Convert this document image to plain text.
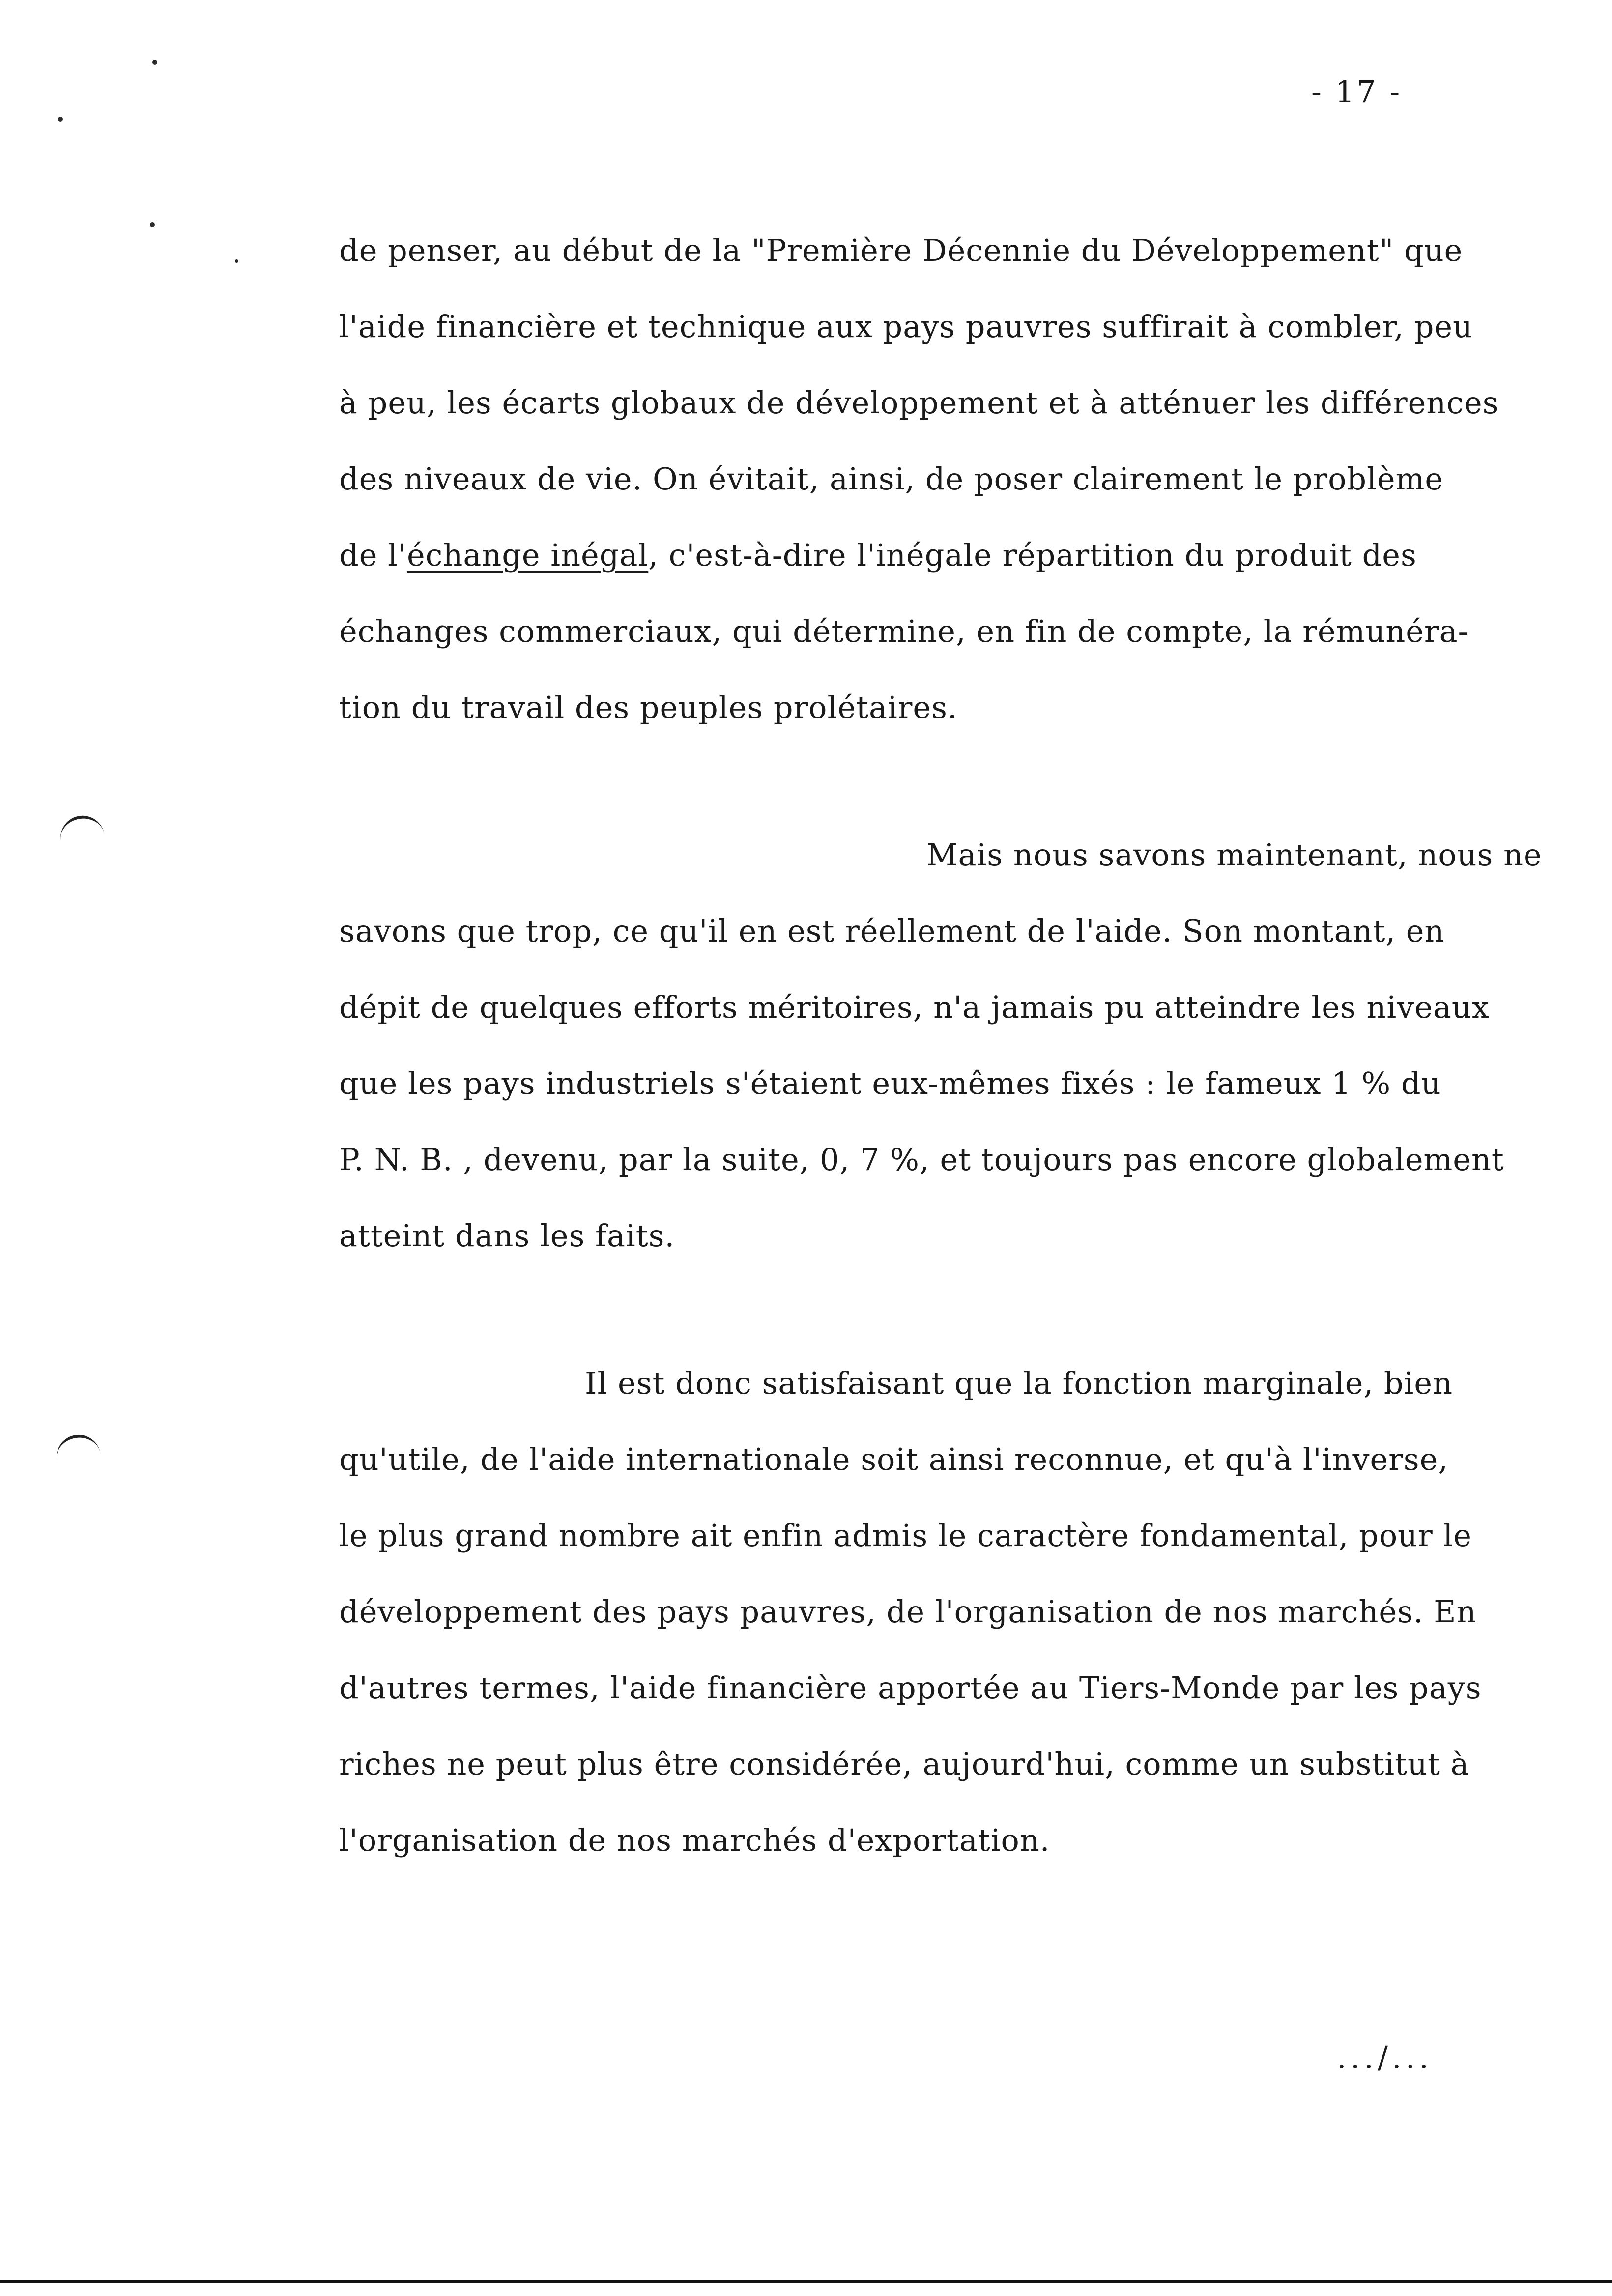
- 17 -
de penser, au début de la "Première Décennie du Développement" que
l'aide financière et technique aux pays pauvres suffirait à combler, peu
à peu, les écarts globaux de développement et à atténuer les différences
des niveaux de vie. On évitait, ainsi, de poser clairement le problème
de l'échange inégal, c'est-à-dire l'inégale répartition du produit des
échanges commerciaux, qui détermine, en fin de compte, la rémunéra-
tion du travail des peuples prolétaires.
Mais nous savons maintenant, nous ne
savons que trop, ce qu'il en est réellement de l'aide. Son montant, en
dépit de quelques efforts méritoires, n'a jamais pu atteindre les niveaux
que les pays industriels s'étaient eux-mêmes fixés : le fameux 1 % du
P. N. B. , devenu, par la suite, 0, 7 %, et toujours pas encore globalement
atteint dans les faits.
Il est donc satisfaisant que la fonction marginale, bien
qu'utile, de l'aide internationale soit ainsi reconnue, et qu'à l'inverse,
le plus grand nombre ait enfin admis le caractère fondamental, pour le
développement des pays pauvres, de l'organisation de nos marchés. En
d'autres termes, l'aide financière apportée au Tiers-Monde par les pays
riches ne peut plus être considérée, aujourd'hui, comme un substitut à
l'organisation de nos marchés d'exportation.
.../...
